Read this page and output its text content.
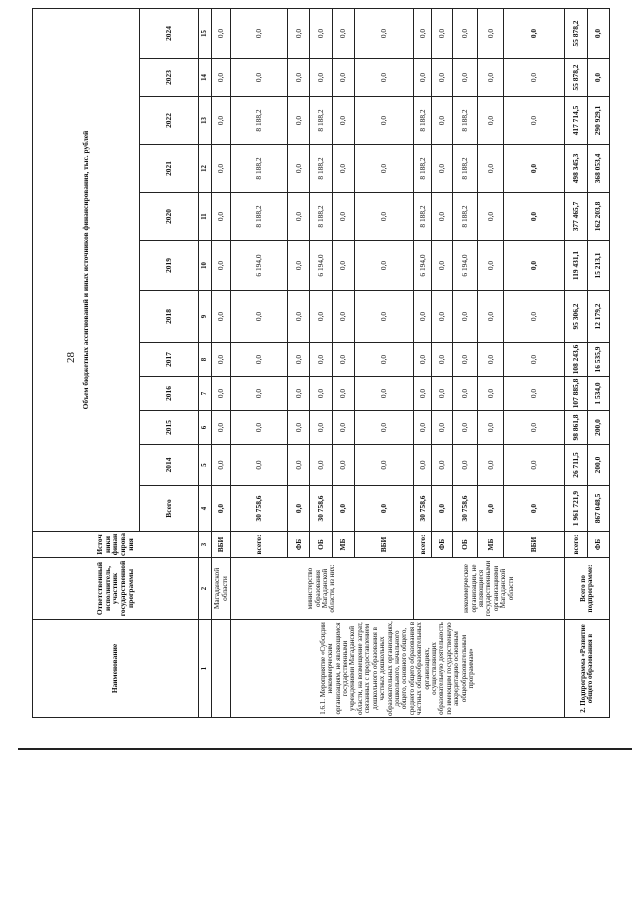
28
Наименование	Ответственный исполнитель, участник государственной программы	Источ ники финан сирова ния	Объем бюджетных ассигнований и иных источников финансирования, тыс. рублей											
			Всего	2014	2015	2016	2017	2018	2019	2020	2021	2022	2023	2024
1	2	3	4	5	6	7	8	9	10	11	12	13	14	15
	Магаданской области	ВБИ	0,0	0,0	0,0	0,0	0,0	0,0	0,0	0,0	0,0	0,0	0,0	0,0
1.6.1. Мероприятие «Субсидии некоммерческим организациям, не являющимся государственными учреждениями Магаданской области, на возмещение затрат, связанных с предоставлением дошкольного образования в частных дошкольных образовательных организациях, дошкольного, начального общего, основного общего, среднего общего образования в частных общеобразовательных организациях, осуществляющих образовательную деятельность по имеющим государственную аккредитацию основным общеобразовательным программам»	министерство образования Магаданской области, из них:	всего:	30 758,6	0,0	0,0	0,0	0,0	0,0	6 194,0	8 188,2	8 188,2	8 188,2	0,0	0,0
		ФБ	0,0	0,0	0,0	0,0	0,0	0,0	0,0	0,0	0,0	0,0	0,0	0,0
		ОБ	30 758,6	0,0	0,0	0,0	0,0	0,0	6 194,0	8 188,2	8 188,2	8 188,2	0,0	0,0
		МБ	0,0	0,0	0,0	0,0	0,0	0,0	0,0	0,0	0,0	0,0	0,0	0,0
		ВБИ	0,0	0,0	0,0	0,0	0,0	0,0	0,0	0,0	0,0	0,0	0,0	0,0
	некоммерческие организации, не являющиеся государственными организациями Магаданской области	всего:	30 758,6	0,0	0,0	0,0	0,0	0,0	6 194,0	8 188,2	8 188,2	8 188,2	0,0	0,0
		ФБ	0,0	0,0	0,0	0,0	0,0	0,0	0,0	0,0	0,0	0,0	0,0	0,0
		ОБ	30 758,6	0,0	0,0	0,0	0,0	0,0	6 194,0	8 188,2	8 188,2	8 188,2	0,0	0,0
		МБ	0,0	0,0	0,0	0,0	0,0	0,0	0,0	0,0	0,0	0,0	0,0	0,0
		ВБИ	0,0	0,0	0,0	0,0	0,0	0,0	0,0	0,0	0,0	0,0	0,0	0,0
2. Подпрограмма «Развитие общего образования в	Всего по подпрограмме:	всего:	1 961 721,9	26 711,5	98 861,8	107 885,8	108 243,6	95 306,2	119 431,1	377 465,7	498 345,3	417 714,5	55 878,2	55 878,2
		ФБ	867 048,5	200,0	200,0	1 534,0	16 535,9	12 179,2	15 213,1	162 203,8	368 053,4	290 929,1	0,0	0,0
